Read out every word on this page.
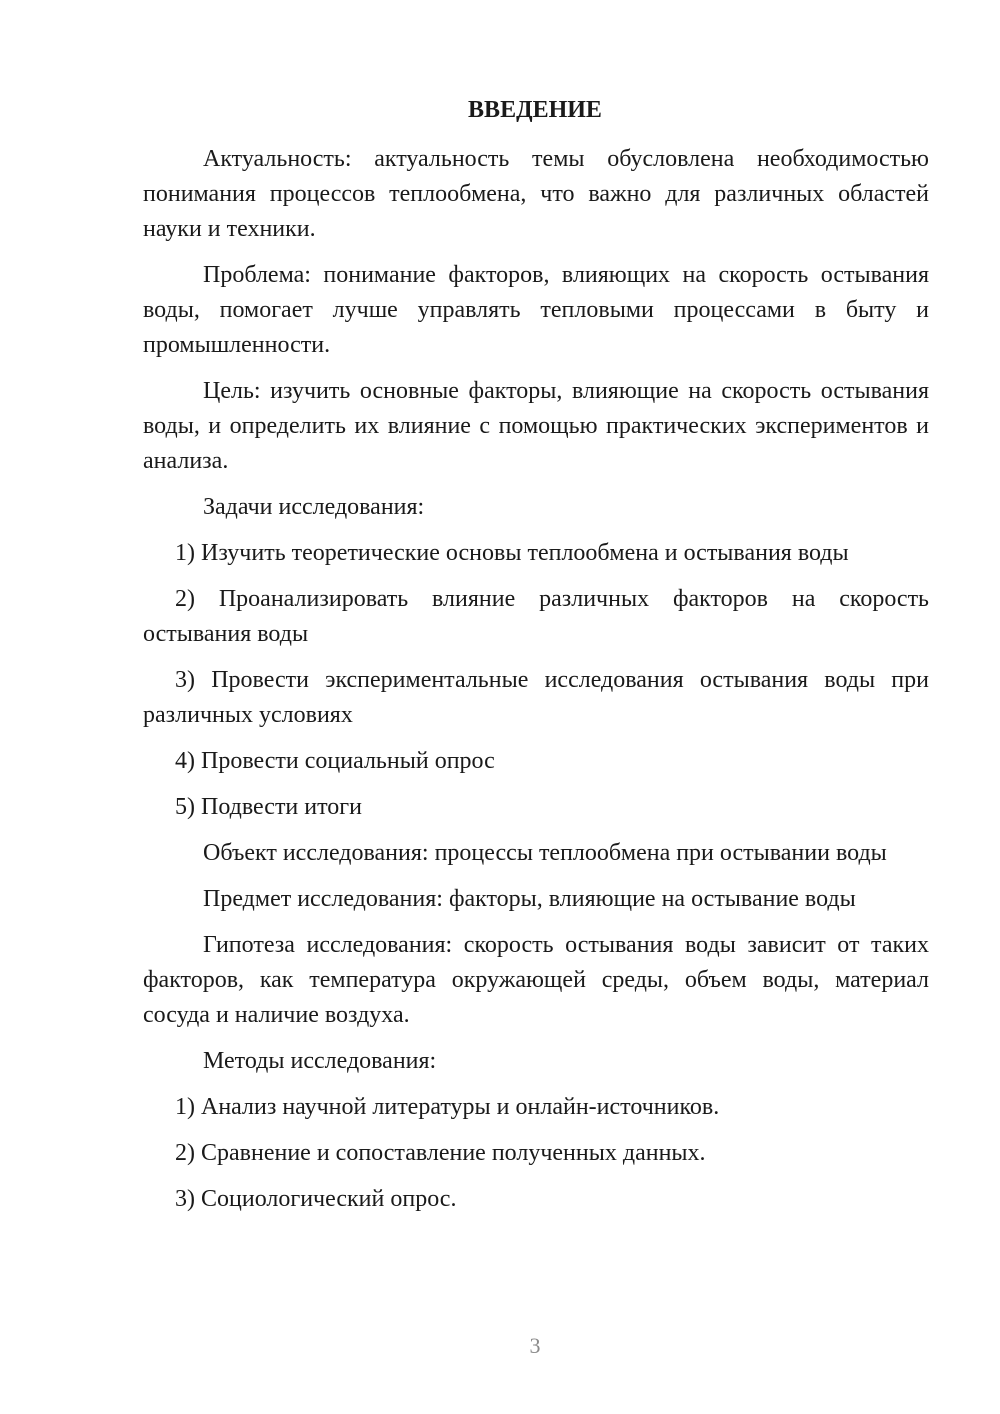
ВВЕДЕНИЕ

Актуальность: актуальность темы обусловлена необходимостью понимания процессов теплообмена, что важно для различных областей науки и техники.

Проблема: понимание факторов, влияющих на скорость остывания воды, помогает лучше управлять тепловыми процессами в быту и промышленности.

Цель: изучить основные факторы, влияющие на скорость остывания воды, и определить их влияние с помощью практических экспериментов и анализа.

Задачи исследования:

1) Изучить теоретические основы теплообмена и остывания воды

2) Проанализировать влияние различных факторов на скорость остывания воды

3) Провести экспериментальные исследования остывания воды при различных условиях

4) Провести социальный опрос

5) Подвести итоги

Объект исследования: процессы теплообмена при остывании воды

Предмет исследования: факторы, влияющие на остывание воды

Гипотеза исследования: скорость остывания воды зависит от таких факторов, как температура окружающей среды, объем воды, материал сосуда и наличие воздуха.

Методы исследования:

1) Анализ научной литературы и онлайн-источников.

2) Сравнение и сопоставление полученных данных.

3) Социологический опрос.

3
